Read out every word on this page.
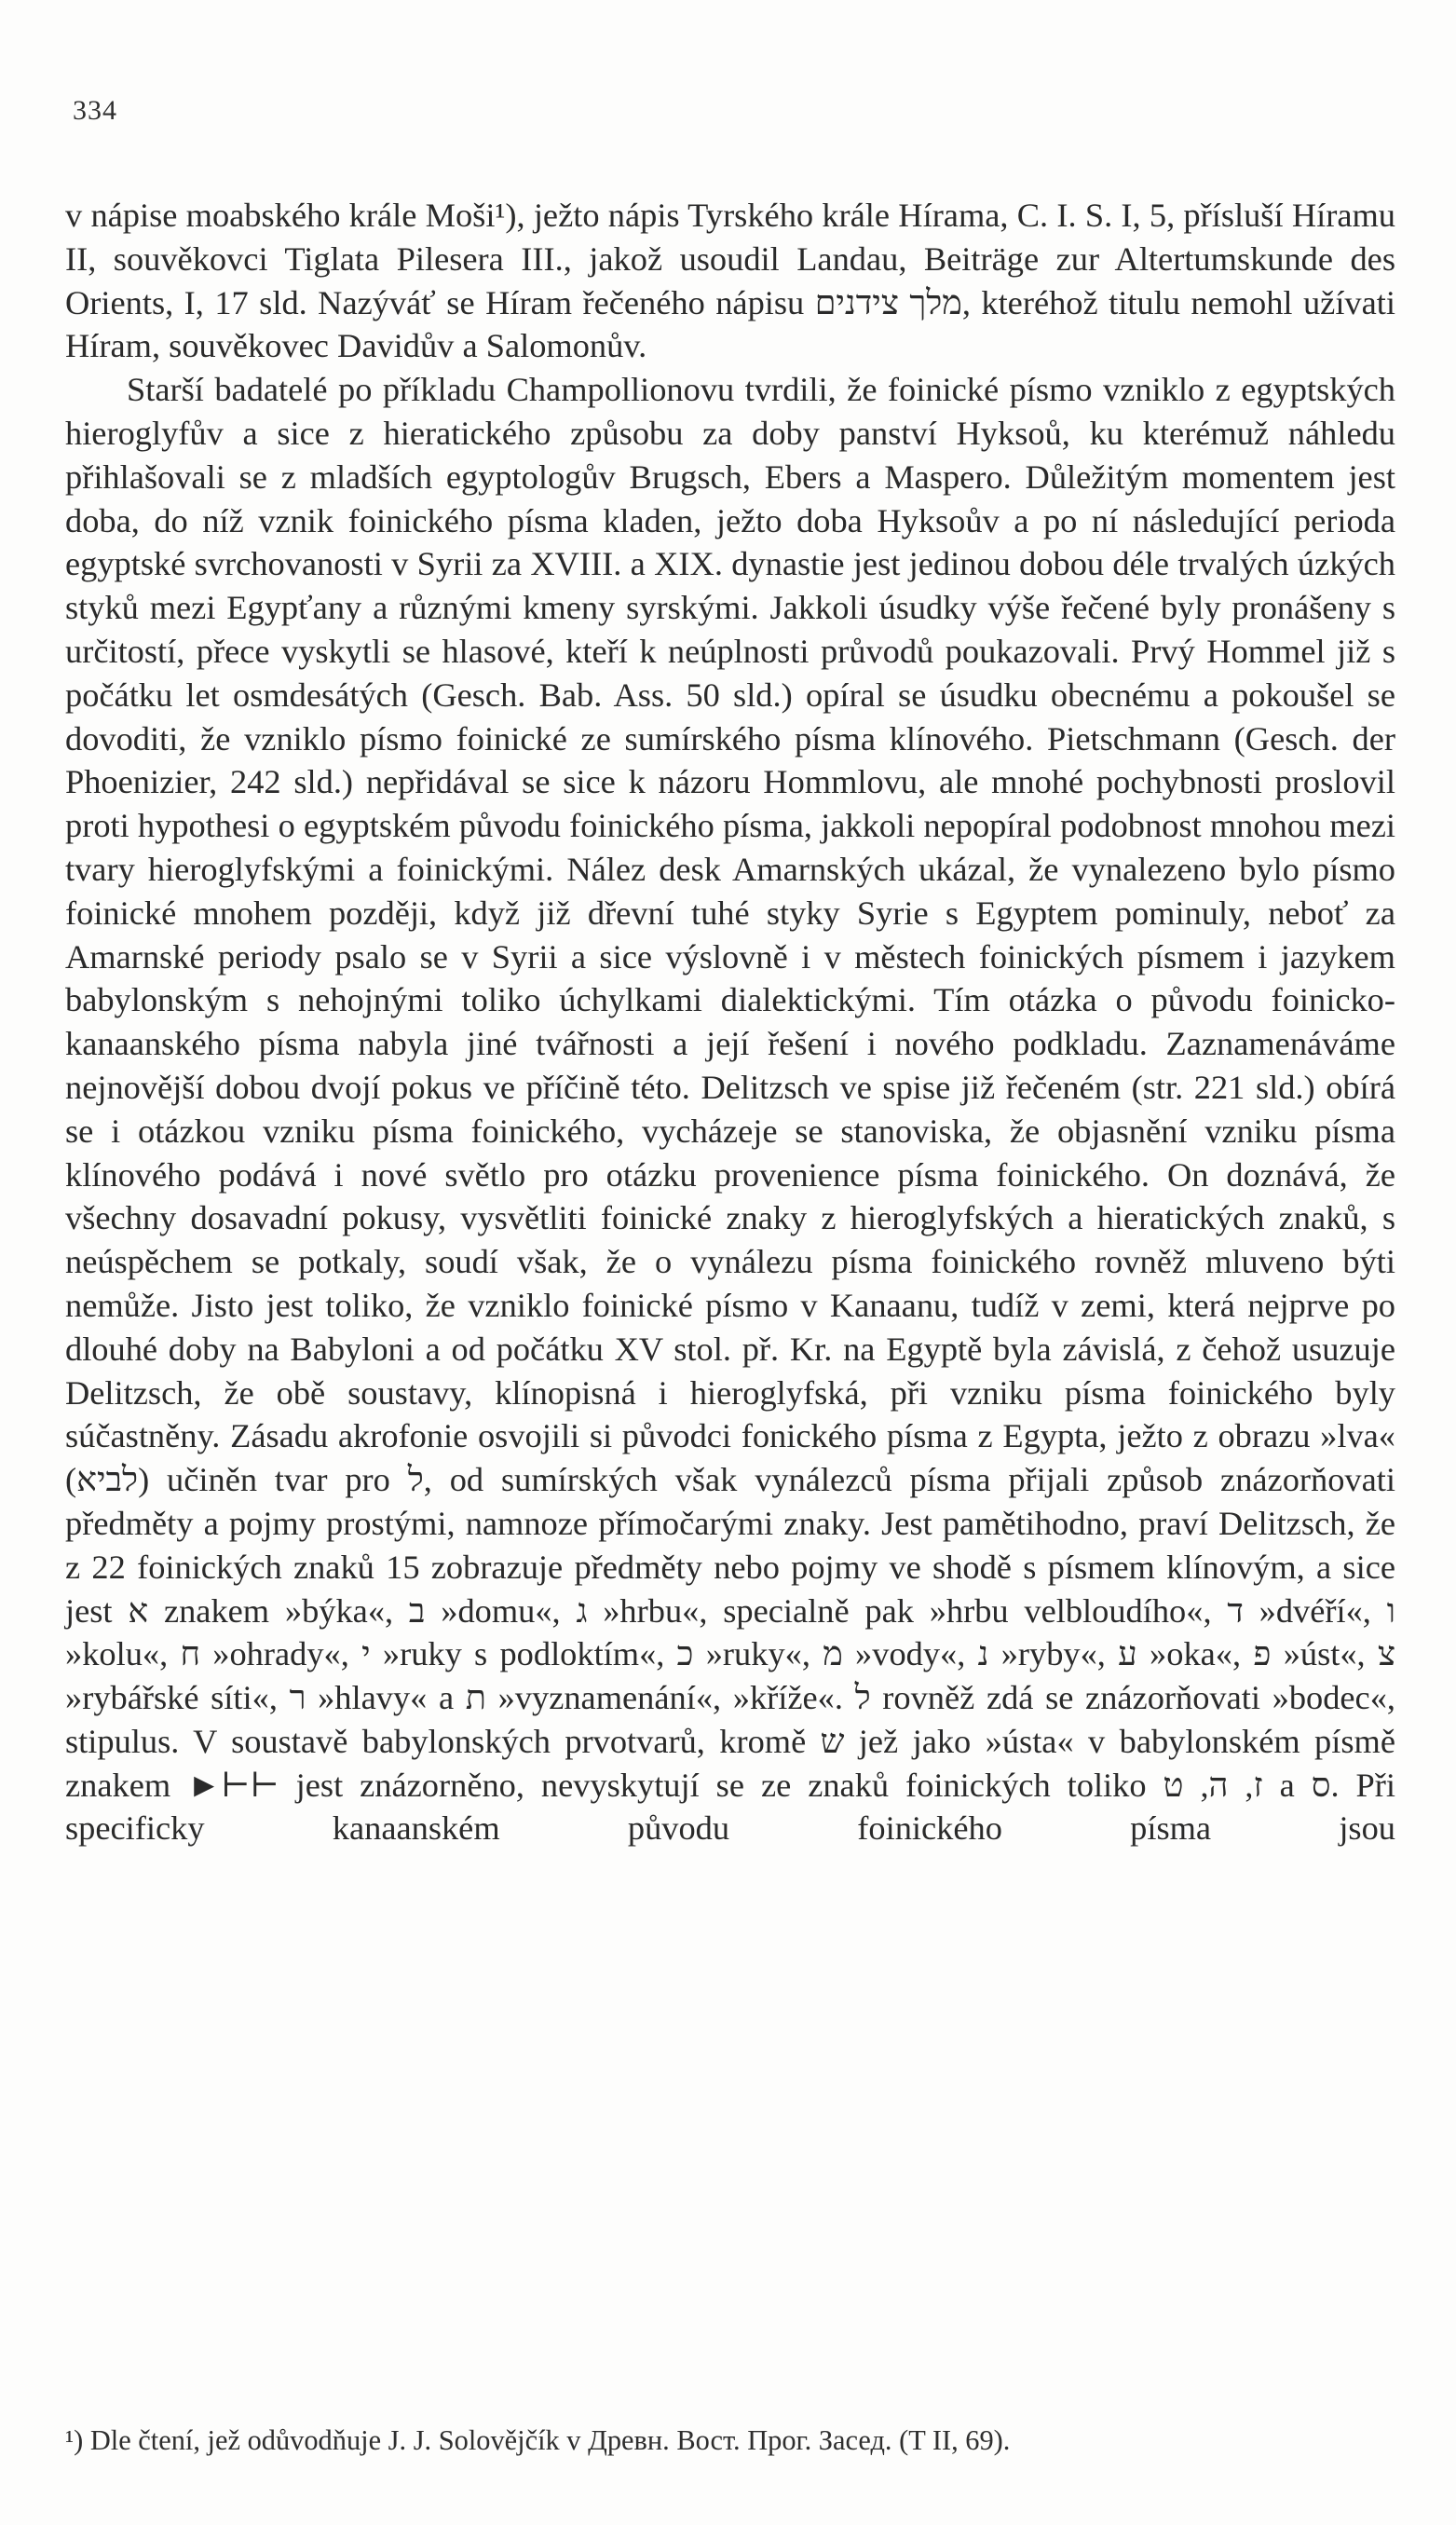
334

v nápise moabského krále Moši¹), ježto nápis Tyrského krále Hírama, C. I. S. I, 5, přísluší Híramu II, souvěkovci Tiglata Pilesera III., jakož usoudil Landau, Beiträge zur Altertumskunde des Orients, I, 17 sld. Nazýváť se Híram řečeného nápisu מלך צידנים, kteréhož titulu nemohl užívati Híram, souvěkovec Davidův a Salomonův.

Starší badatelé po příkladu Champollionovu tvrdili, že foinické písmo vzniklo z egyptských hieroglyfův a sice z hieratického způsobu za doby panství Hyksoů, ku kterémuž náhledu přihlašovali se z mladších egyptologův Brugsch, Ebers a Maspero. Důležitým momentem jest doba, do níž vznik foinického písma kladen, ježto doba Hyksoův a po ní následující perioda egyptské svrchovanosti v Syrii za XVIII. a XIX. dynastie jest jedinou dobou déle trvalých úzkých styků mezi Egypťany a různými kmeny syrskými. Jakkoli úsudky výše řečené byly pronášeny s určitostí, přece vyskytli se hlasové, kteří k neúplnosti průvodů poukazovali. Prvý Hommel již s počátku let osmdesátých (Gesch. Bab. Ass. 50 sld.) opíral se úsudku obecnému a pokoušel se dovoditi, že vzniklo písmo foinické ze sumírského písma klínového. Pietschmann (Gesch. der Phoenizier, 242 sld.) nepřidával se sice k názoru Hommlovu, ale mnohé pochybnosti proslovil proti hypothesi o egyptském původu foinického písma, jakkoli nepopíral podobnost mnohou mezi tvary hieroglyfskými a foinickými. Nález desk Amarnských ukázal, že vynalezeno bylo písmo foinické mnohem později, když již dřevní tuhé styky Syrie s Egyptem pominuly, neboť za Amarnské periody psalo se v Syrii a sice výslovně i v městech foinických písmem i jazykem babylonským s nehojnými toliko úchylkami dialektickými. Tím otázka o původu foinicko-kanaanského písma nabyla jiné tvářnosti a její řešení i nového podkladu. Zaznamenáváme nejnovější dobou dvojí pokus ve příčině této. Delitzsch ve spise již řečeném (str. 221 sld.) obírá se i otázkou vzniku písma foinického, vycházeje se stanoviska, že objasnění vzniku písma klínového podává i nové světlo pro otázku provenience písma foinického. On doznává, že všechny dosavadní pokusy, vysvětliti foinické znaky z hieroglyfských a hieratických znaků, s neúspěchem se potkaly, soudí však, že o vynálezu písma foinického rovněž mluveno býti nemůže. Jisto jest toliko, že vzniklo foinické písmo v Kanaanu, tudíž v zemi, která nejprve po dlouhé doby na Babyloni a od počátku XV stol. př. Kr. na Egyptě byla závislá, z čehož usuzuje Delitzsch, že obě soustavy, klínopisná i hieroglyfská, při vzniku písma foinického byly súčastněny. Zásadu akrofonie osvojili si původci fonického písma z Egypta, ježto z obrazu »lva« (לביא) učiněn tvar pro ל, od sumírských však vynálezců písma přijali způsob znázorňovati předměty a pojmy prostými, namnoze přímočarými znaky. Jest pamětihodno, praví Delitzsch, že z 22 foinických znaků 15 zobrazuje předměty nebo pojmy ve shodě s písmem klínovým, a sice jest א znakem »býka«, ב »domu«, ג »hrbu«, specialně pak »hrbu velbloudího«, ד »dvéří«, ו »kolu«, ח »ohrady«, י »ruky s podloktím«, כ »ruky«, מ »vody«, נ »ryby«, ע »oka«, פ »úst«, צ »rybářské síti«, ר »hlavy« a ת »vyznamenání«, »kříže«. ל rovněž zdá se znázorňovati »bodec«, stipulus. V soustavě babylonských prvotvarů, kromě ש jež jako »ústa« v babylonském písmě znakem ►⊢⊢ jest znázorněno, nevyskytují se ze znaků foinických toliko ז, ה, ט a ס. Při specificky kanaanském původu foinického písma jsou

¹) Dle čtení, jež odůvodňuje J. J. Solovějčík v Древн. Вост. Прог. Засед. (T II, 69).
